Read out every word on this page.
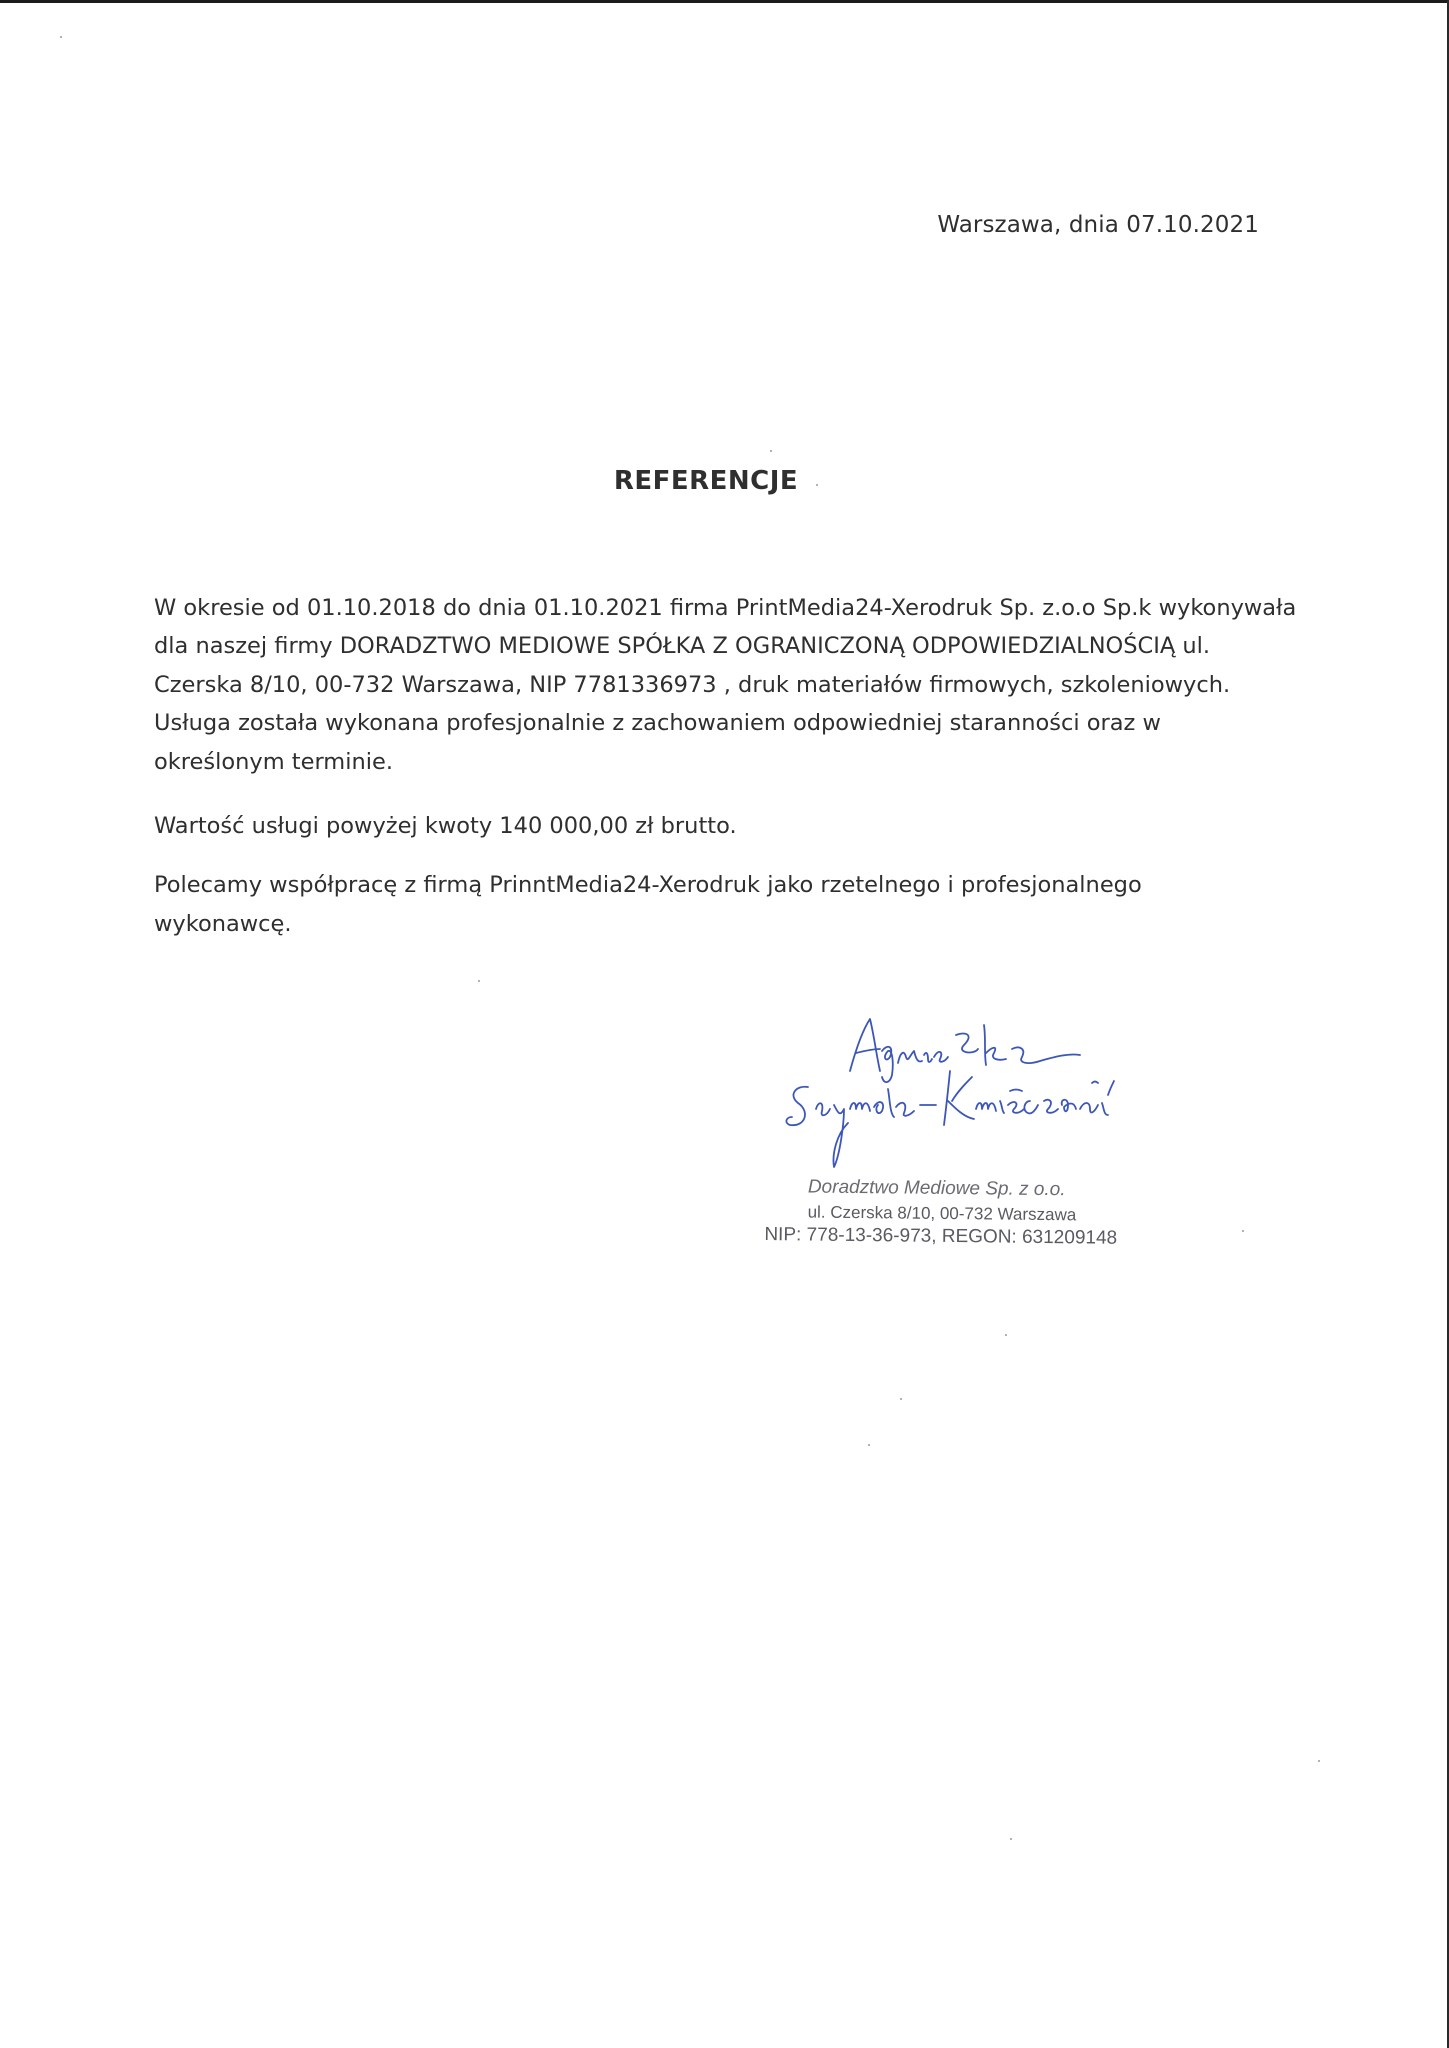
Warszawa, dnia 07.10.2021
REFERENCJE

W okresie od 01.10.2018 do dnia 01.10.2021 firma PrintMedia24-Xerodruk Sp. z.o.o Sp.k wykonywała

dla naszej firmy DORADZTWO MEDIOWE SPÓŁKA Z OGRANICZONĄ ODPOWIEDZIALNOŚCIĄ ul.

Czerska 8/10, 00-732 Warszawa, NIP 7781336973 , druk materiałów firmowych, szkoleniowych.

Usługa została wykonana profesjonalnie z zachowaniem odpowiedniej staranności oraz w

określonym terminie.

Wartość usługi powyżej kwoty 140 000,00 zł brutto.

Polecamy współpracę z firmą PrinntMedia24-Xerodruk jako rzetelnego i profesjonalnego

wykonawcę.

Doradztwo Mediowe Sp. z o.o.
ul. Czerska 8/10, 00-732 Warszawa
NIP: 778-13-36-973, REGON: 631209148
